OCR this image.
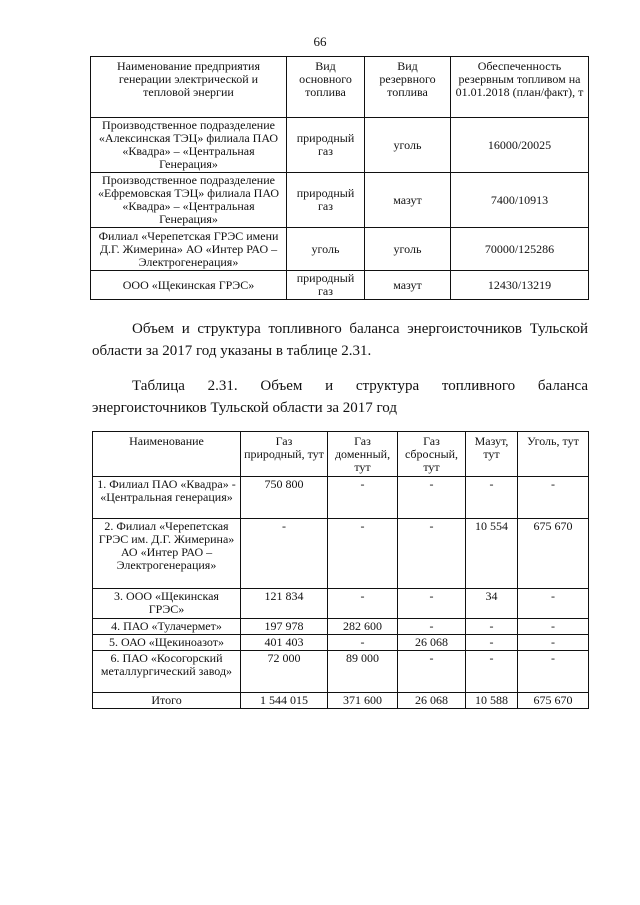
66
Наименование предприятия генерации электрической и тепловой энергии	Вид основного топлива	Вид резервного топлива	Обеспеченность резервным топливом на 01.01.2018 (план/факт), т
Производственное подразделение «Алексинская ТЭЦ» филиала ПАО «Квадра» – «Центральная Генерация»	природный газ	уголь	16000/20025
Производственное подразделение «Ефремовская ТЭЦ» филиала ПАО «Квадра» – «Центральная Генерация»	природный газ	мазут	7400/10913
Филиал «Черепетская ГРЭС имени Д.Г. Жимерина» АО «Интер РАО – Электрогенерация»	уголь	уголь	70000/125286
ООО «Щекинская ГРЭС»	природный газ	мазут	12430/13219
Объем и структура топливного баланса энергоисточников Тульской области за 2017 год указаны в таблице 2.31.
Таблица 2.31. Объем и структура топливного баланса энергоисточников Тульской области за 2017 год
Наименование	Газ природный, тут	Газ доменный, тут	Газ сбросный, тут	Мазут, тут	Уголь, тут
1. Филиал ПАО «Квадра» - «Центральная генерация»	750 800	-	-	-	-
2. Филиал «Черепетская ГРЭС им. Д.Г. Жимерина» АО «Интер РАО – Электрогенерация»	-	-	-	10 554	675 670
3. ООО «Щекинская ГРЭС»	121 834	-	-	34	-
4. ПАО «Тулачермет»	197 978	282 600	-	-	-
5. ОАО «Щекиноазот»	401 403	-	26 068	-	-
6. ПАО «Косогорский металлургический завод»	72 000	89 000	-	-	-
Итого	1 544 015	371 600	26 068	10 588	675 670
